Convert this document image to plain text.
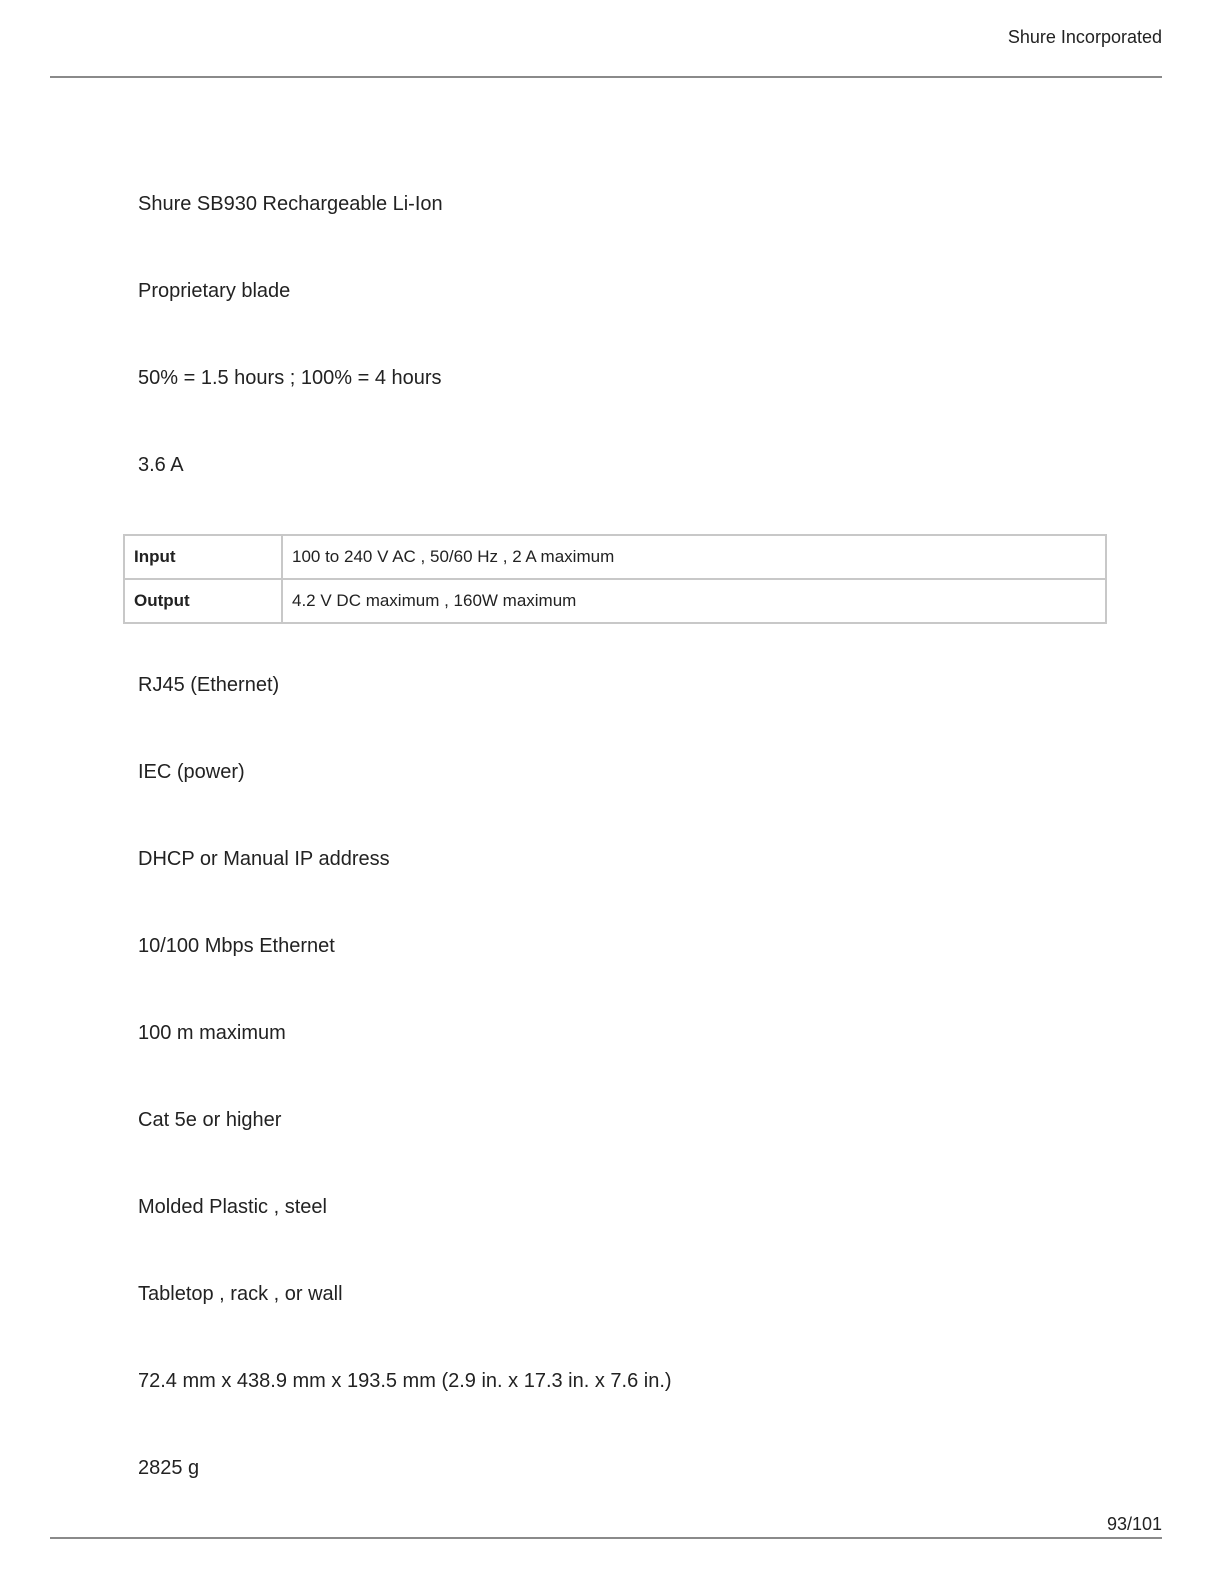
Shure Incorporated
Shure SB930 Rechargeable Li-Ion
Proprietary blade
50% = 1.5 hours ; 100% = 4 hours
3.6 A
Input	100 to 240 V AC , 50/60 Hz , 2 A maximum
Output	4.2 V DC maximum , 160W maximum
RJ45 (Ethernet)
IEC (power)
DHCP or Manual IP address
10/100 Mbps Ethernet
100 m maximum
Cat 5e or higher
Molded Plastic , steel
Tabletop , rack , or wall
72.4 mm x 438.9 mm x 193.5 mm (2.9 in. x 17.3 in. x 7.6 in.)
2825 g
93/101
